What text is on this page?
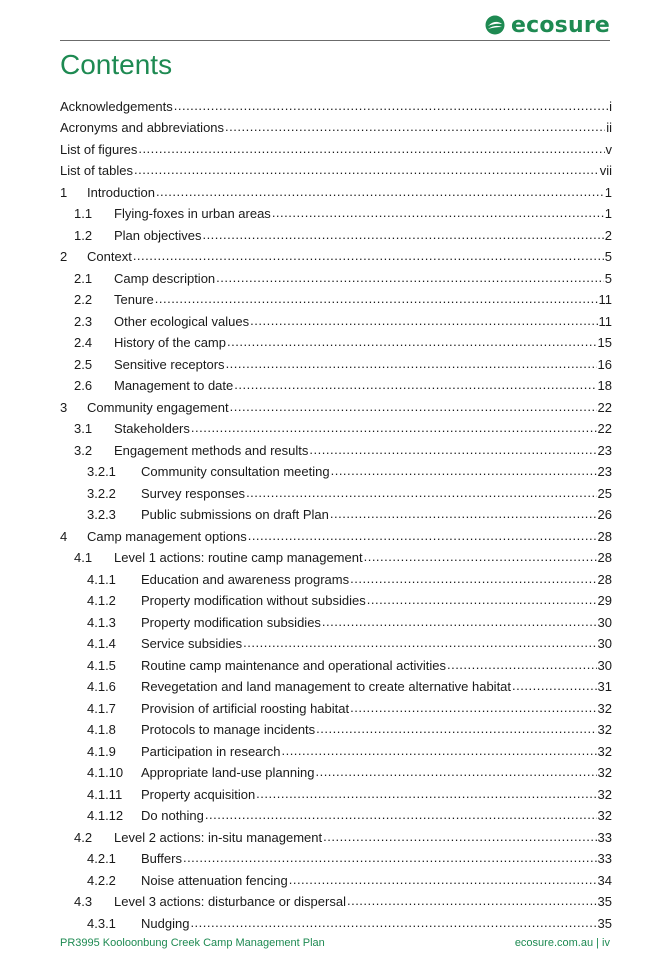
ecosure
Contents
Acknowledgements .....	i
Acronyms and abbreviations .....	ii
List of figures .....	v
List of tables .....	vii
1	Introduction .....	1
1.1	Flying-foxes in urban areas .....	1
1.2	Plan objectives .....	2
2	Context .....	5
2.1	Camp description .....	5
2.2	Tenure .....	11
2.3	Other ecological values .....	11
2.4	History of the camp .....	15
2.5	Sensitive receptors .....	16
2.6	Management to date .....	18
3	Community engagement .....	22
3.1	Stakeholders .....	22
3.2	Engagement methods and results .....	23
3.2.1	Community consultation meeting .....	23
3.2.2	Survey responses .....	25
3.2.3	Public submissions on draft Plan .....	26
4	Camp management options .....	28
4.1	Level 1 actions: routine camp management .....	28
4.1.1	Education and awareness programs .....	28
4.1.2	Property modification without subsidies .....	29
4.1.3	Property modification subsidies .....	30
4.1.4	Service subsidies .....	30
4.1.5	Routine camp maintenance and operational activities .....	30
4.1.6	Revegetation and land management to create alternative habitat .....	31
4.1.7	Provision of artificial roosting habitat .....	32
4.1.8	Protocols to manage incidents .....	32
4.1.9	Participation in research .....	32
4.1.10	Appropriate land-use planning .....	32
4.1.11	Property acquisition .....	32
4.1.12	Do nothing .....	32
4.2	Level 2 actions: in-situ management .....	33
4.2.1	Buffers .....	33
4.2.2	Noise attenuation fencing .....	34
4.3	Level 3 actions: disturbance or dispersal .....	35
4.3.1	Nudging .....	35
PR3995 Kooloonbung Creek Camp Management Plan	ecosure.com.au | iv
